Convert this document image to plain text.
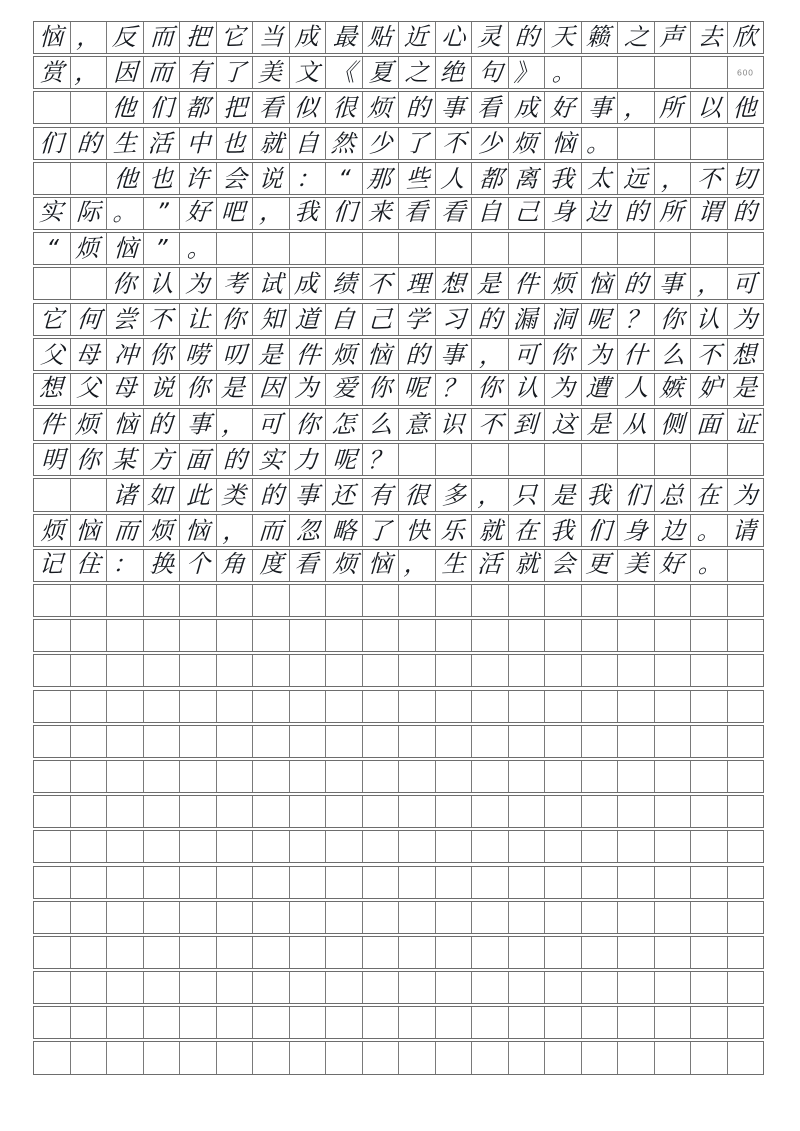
恼 ， 反 而 把 它 当 成 最 贴 近 心 灵 的 天 籁 之 声 去 欣
赏 ， 因 而 有 了 美 文 《 夏 之 绝 句 》 。	600
他 们 都 把 看 似 很 烦 的 事 看 成 好 事 ， 所 以 他
们 的 生 活 中 也 就 自 然 少 了 不 少 烦 恼 。
他 也 许 会 说 ： “ 那 些 人 都 离 我 太 远 ， 不 切
实 际 。 ” 好 吧 ， 我 们 来 看 看 自 己 身 边 的 所 谓 的
“ 烦 恼 ” 。
你 认 为 考 试 成 绩 不 理 想 是 件 烦 恼 的 事 ， 可
它 何 尝 不 让 你 知 道 自 己 学 习 的 漏 洞 呢 ？ 你 认 为
父 母 冲 你 唠 叨 是 件 烦 恼 的 事 ， 可 你 为 什 么 不 想
想 父 母 说 你 是 因 为 爱 你 呢 ？ 你 认 为 遭 人 嫉 妒 是
件 烦 恼 的 事 ， 可 你 怎 么 意 识 不 到 这 是 从 侧 面 证
明 你 某 方 面 的 实 力 呢 ？
诸 如 此 类 的 事 还 有 很 多 ， 只 是 我 们 总 在 为
烦 恼 而 烦 恼 ， 而 忽 略 了 快 乐 就 在 我 们 身 边 。 请
记 住 ： 换 个 角 度 看 烦 恼 ， 生 活 就 会 更 美 好 。
